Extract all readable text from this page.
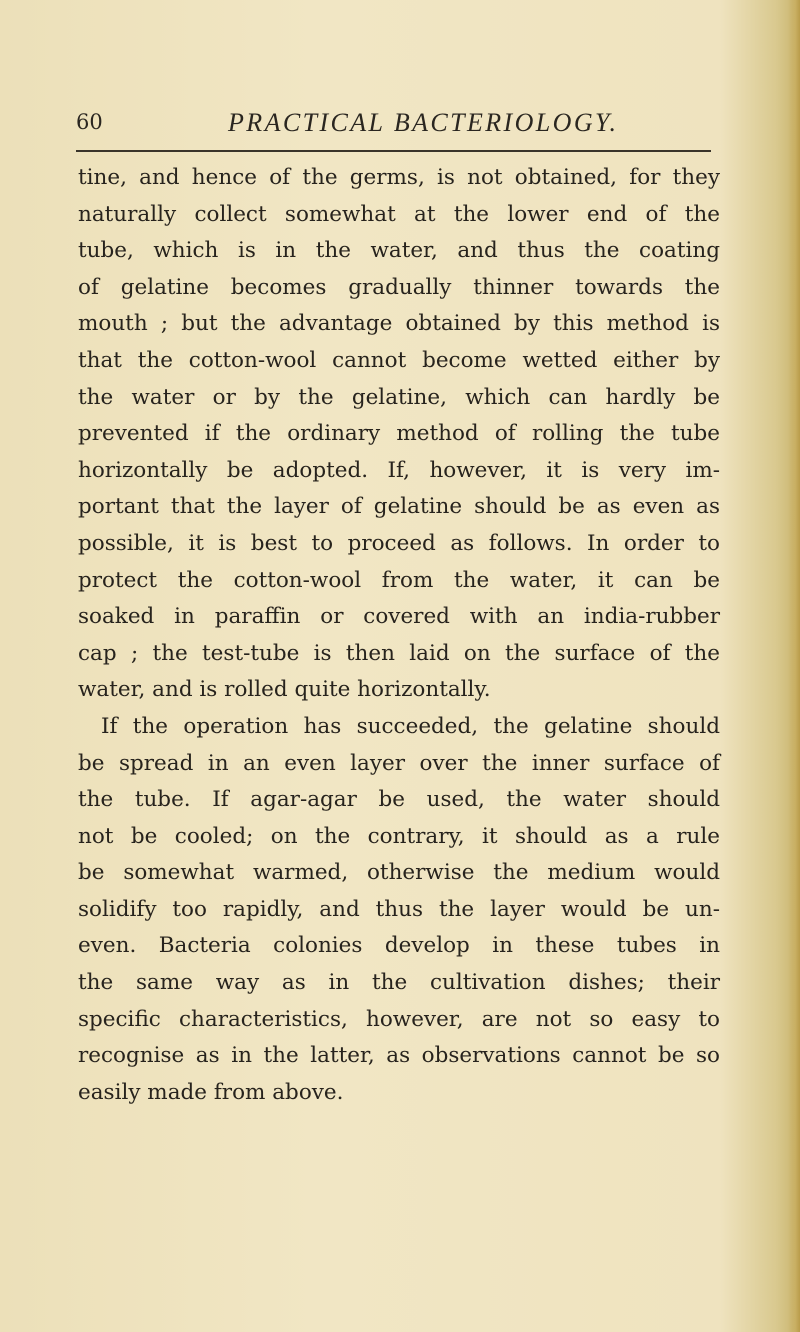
60	PRACTICAL BACTERIOLOGY.
tine, and hence of the germs, is not obtained, for they
naturally collect somewhat at the lower end of the
tube, which is in the water, and thus the coating
of gelatine becomes gradually thinner towards the
mouth ; but the advantage obtained by this method is
that the cotton-wool cannot become wetted either by
the water or by the gelatine, which can hardly be
prevented if the ordinary method of rolling the tube
horizontally be adopted. If, however, it is very im-
portant that the layer of gelatine should be as even as
possible, it is best to proceed as follows. In order to
protect the cotton-wool from the water, it can be
soaked in paraffin or covered with an india-rubber
cap ; the test-tube is then laid on the surface of the
water, and is rolled quite horizontally.
If the operation has succeeded, the gelatine should
be spread in an even layer over the inner surface of
the tube. If agar-agar be used, the water should
not be cooled; on the contrary, it should as a rule
be somewhat warmed, otherwise the medium would
solidify too rapidly, and thus the layer would be un-
even. Bacteria colonies develop in these tubes in
the same way as in the cultivation dishes; their
specific characteristics, however, are not so easy to
recognise as in the latter, as observations cannot be so
easily made from above.
